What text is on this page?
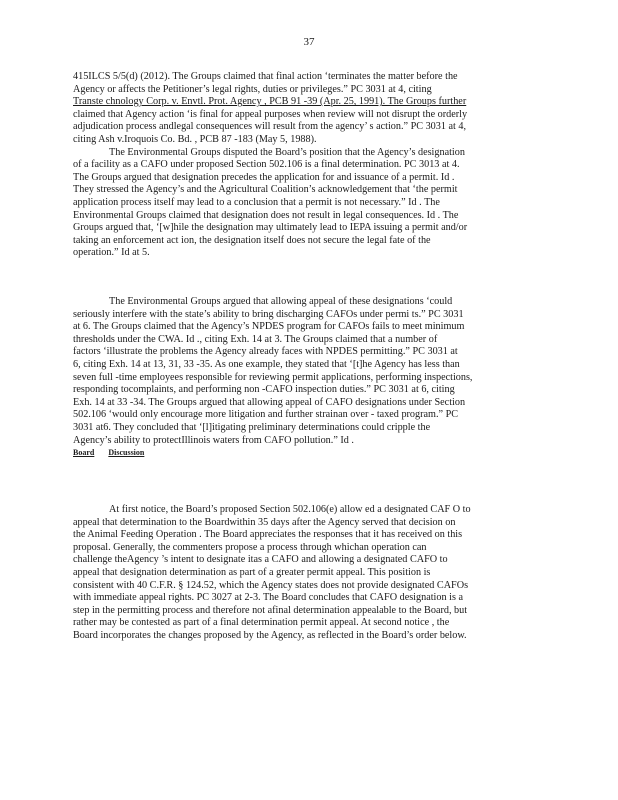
37
415ILCS 5/5(d) (2012). The Groups claimed that final action ‘terminates the matter before the
Agency or affects the Petitioner’s legal rights, duties or privileges.” PC 3031 at 4, citing
Transte chnology Corp. v. Envtl. Prot. Agency , PCB 91 -39 (Apr. 25, 1991). The Groups further
claimed that Agency action ‘is final for appeal purposes when review will not disrupt the orderly
adjudication process andlegal consequences will result from the agency’ s action.” PC 3031 at 4,
citing Ash v.Iroquois Co. Bd. , PCB 87 -183 (May 5, 1988).
The Environmental Groups disputed the Board’s position that the Agency’s designation
of a facility as a CAFO under proposed Section 502.106 is a final determination. PC 3013 at 4.
The Groups argued that designation precedes the application for and issuance of a permit. Id .
They stressed the Agency’s and the Agricultural Coalition’s acknowledgement that ‘the permit
application process itself may lead to a conclusion that a permit is not necessary.” Id . The
Environmental Groups claimed that designation does not result in legal consequences. Id . The
Groups argued that, ‘[w]hile the designation may ultimately lead to IEPA issuing a permit and/or
taking an enforcement act ion, the designation itself does not secure the legal fate of the
operation.” Id at 5.
The Environmental Groups argued that allowing appeal of these designations ‘could
seriously interfere with the state’s ability to bring discharging CAFOs under permi ts.” PC 3031
at 6. The Groups claimed that the Agency’s NPDES program for CAFOs fails to meet minimum
thresholds under the CWA. Id ., citing Exh. 14 at 3. The Groups claimed that a number of
factors ‘illustrate the problems the Agency already faces with NPDES permitting.” PC 3031 at
6, citing Exh. 14 at 13, 31, 33 -35. As one example, they stated that ‘[t]he Agency has less than
seven full -time employees responsible for reviewing permit applications, performing inspections,
responding tocomplaints, and performing non -CAFO inspection duties.” PC 3031 at 6, citing
Exh. 14 at 33 -34. The Groups argued that allowing appeal of CAFO designations under Section
502.106 ‘would only encourage more litigation and further strainan over - taxed program.” PC
3031 at6. They concluded that ‘[l]itigating preliminary determinations could cripple the
Agency’s ability to protectIllinois waters from CAFO pollution.” Id .
Board Discussion
At first notice, the Board’s proposed Section 502.106(e) allow ed a designated CAF O to
appeal that determination to the Boardwithin 35 days after the Agency served that decision on
the Animal Feeding Operation . The Board appreciates the responses that it has received on this
proposal. Generally, the commenters propose a process through whichan operation can
challenge theAgency ’s intent to designate itas a CAFO and allowing a designated CAFO to
appeal that designation determination as part of a greater permit appeal. This position is
consistent with 40 C.F.R. § 124.52, which the Agency states does not provide designated CAFOs
with immediate appeal rights. PC 3027 at 2-3. The Board concludes that CAFO designation is a
step in the permitting process and therefore not afinal determination appealable to the Board, but
rather may be contested as part of a final determination permit appeal. At second notice , the
Board incorporates the changes proposed by the Agency, as reflected in the Board’s order below.
